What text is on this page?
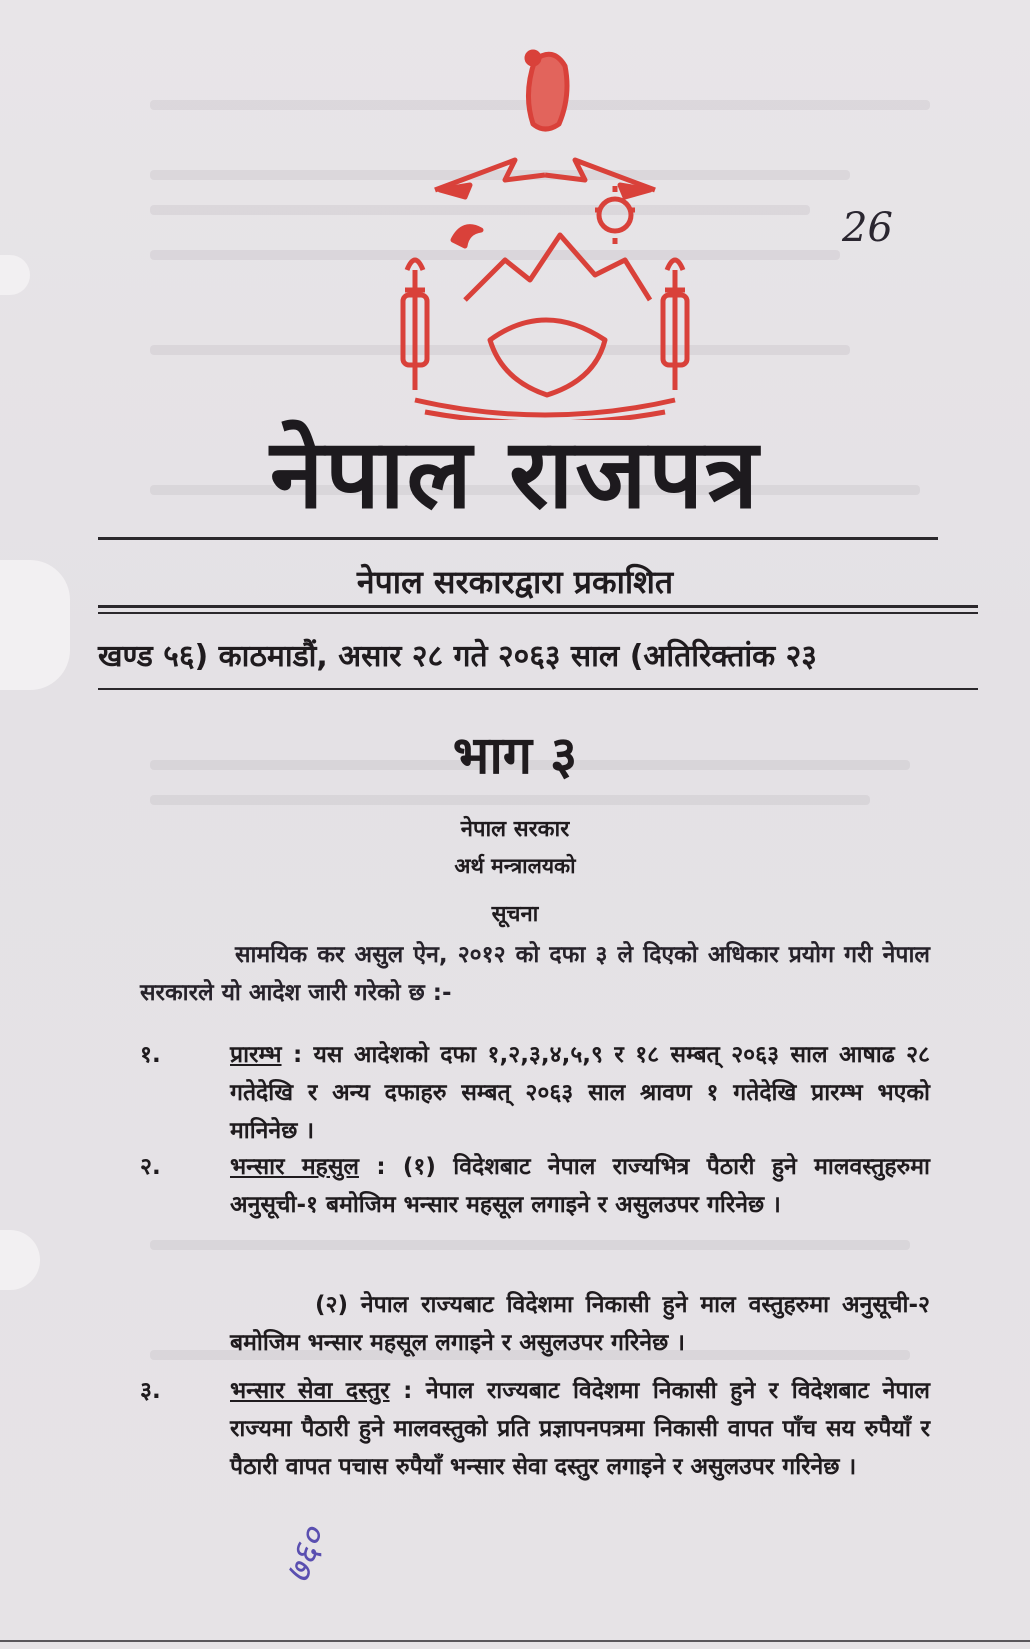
26
नेपाल राजपत्र
नेपाल सरकारद्वारा प्रकाशित
खण्ड ५६) काठमाडौं, असार २८ गते २०६३ साल (अतिरिक्तांक २३
भाग ३
नेपाल सरकार
अर्थ मन्त्रालयको
सूचना
सामयिक कर असुल ऐन, २०१२ को दफा ३ ले दिएको अधिकार प्रयोग गरी नेपाल सरकारले यो आदेश जारी गरेको छ :-
१.	प्रारम्भ : यस आदेशको दफा १,२,३,४,५,९ र १८ सम्बत् २०६३ साल आषाढ २८ गतेदेखि र अन्य दफाहरु सम्बत् २०६३ साल श्रावण १ गतेदेखि प्रारम्भ भएको मानिनेछ ।
२.	भन्सार महसुल : (१) विदेशबाट नेपाल राज्यभित्र पैठारी हुने मालवस्तुहरुमा अनुसूची-१ बमोजिम भन्सार महसूल लगाइने र असुलउपर गरिनेछ ।
(२) नेपाल राज्यबाट विदेशमा निकासी हुने माल वस्तुहरुमा अनुसूची-२ बमोजिम भन्सार महसूल लगाइने र असुलउपर गरिनेछ ।
३.	भन्सार सेवा दस्तुर : नेपाल राज्यबाट विदेशमा निकासी हुने र विदेशबाट नेपाल राज्यमा पैठारी हुने मालवस्तुको प्रति प्रज्ञापनपत्रमा निकासी वापत पाँच सय रुपैयाँ र पैठारी वापत पचास रुपैयाँ भन्सार सेवा दस्तुर लगाइने र असुलउपर गरिनेछ ।
७६०
